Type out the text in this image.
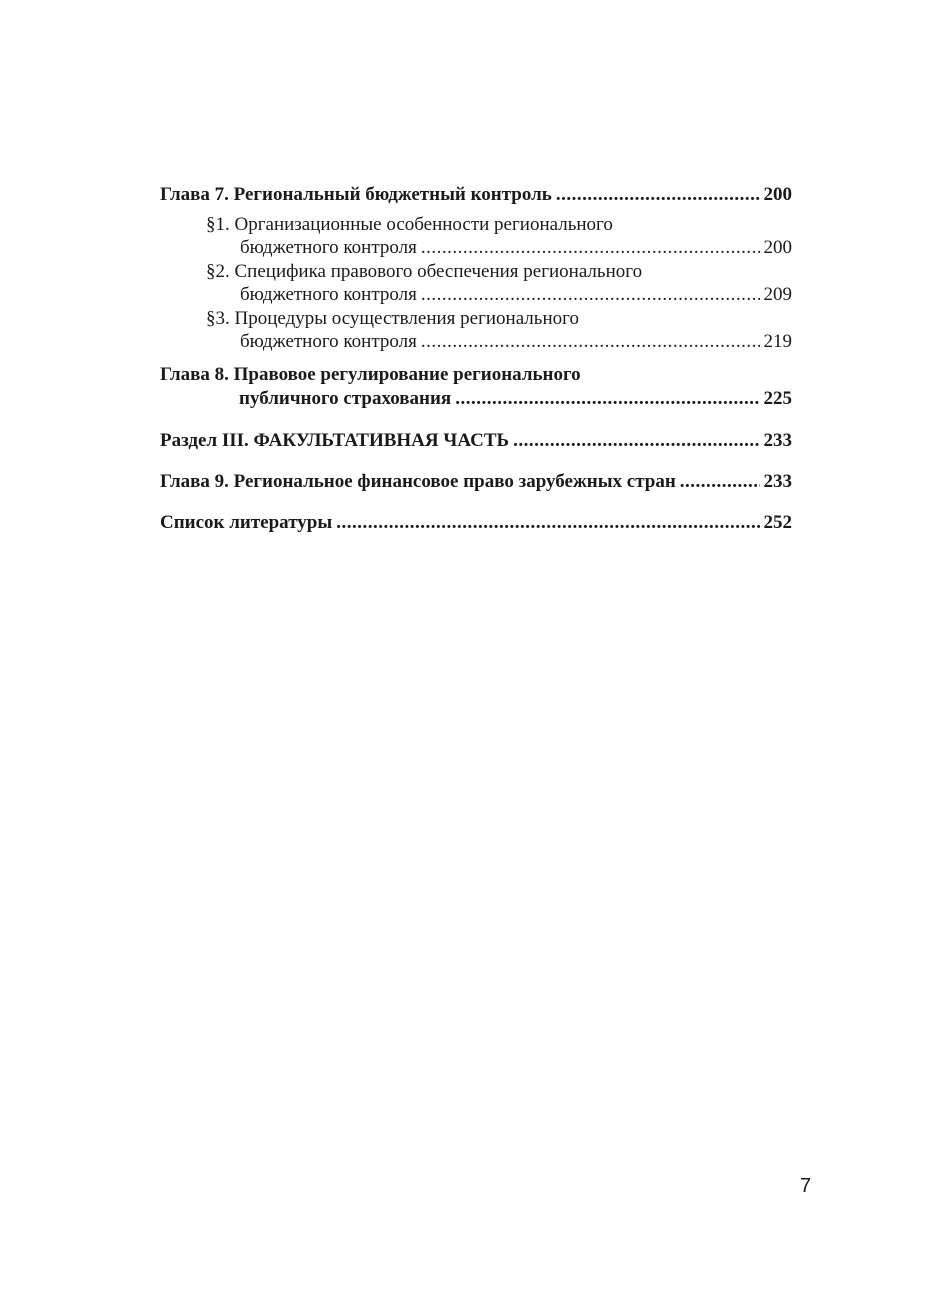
Глава 7. Региональный бюджетный контроль .....	200
§1. Организационные особенности регионального
бюджетного контроля .....	200
§2. Специфика правового обеспечения регионального
бюджетного контроля .....	209
§3. Процедуры осуществления регионального
бюджетного контроля .....	219
Глава 8. Правовое регулирование регионального
публичного страхования .....	225
Раздел III. ФАКУЛЬТАТИВНАЯ ЧАСТЬ .....	233
Глава 9. Региональное финансовое право зарубежных стран .....	233
Список литературы .....	252
7
